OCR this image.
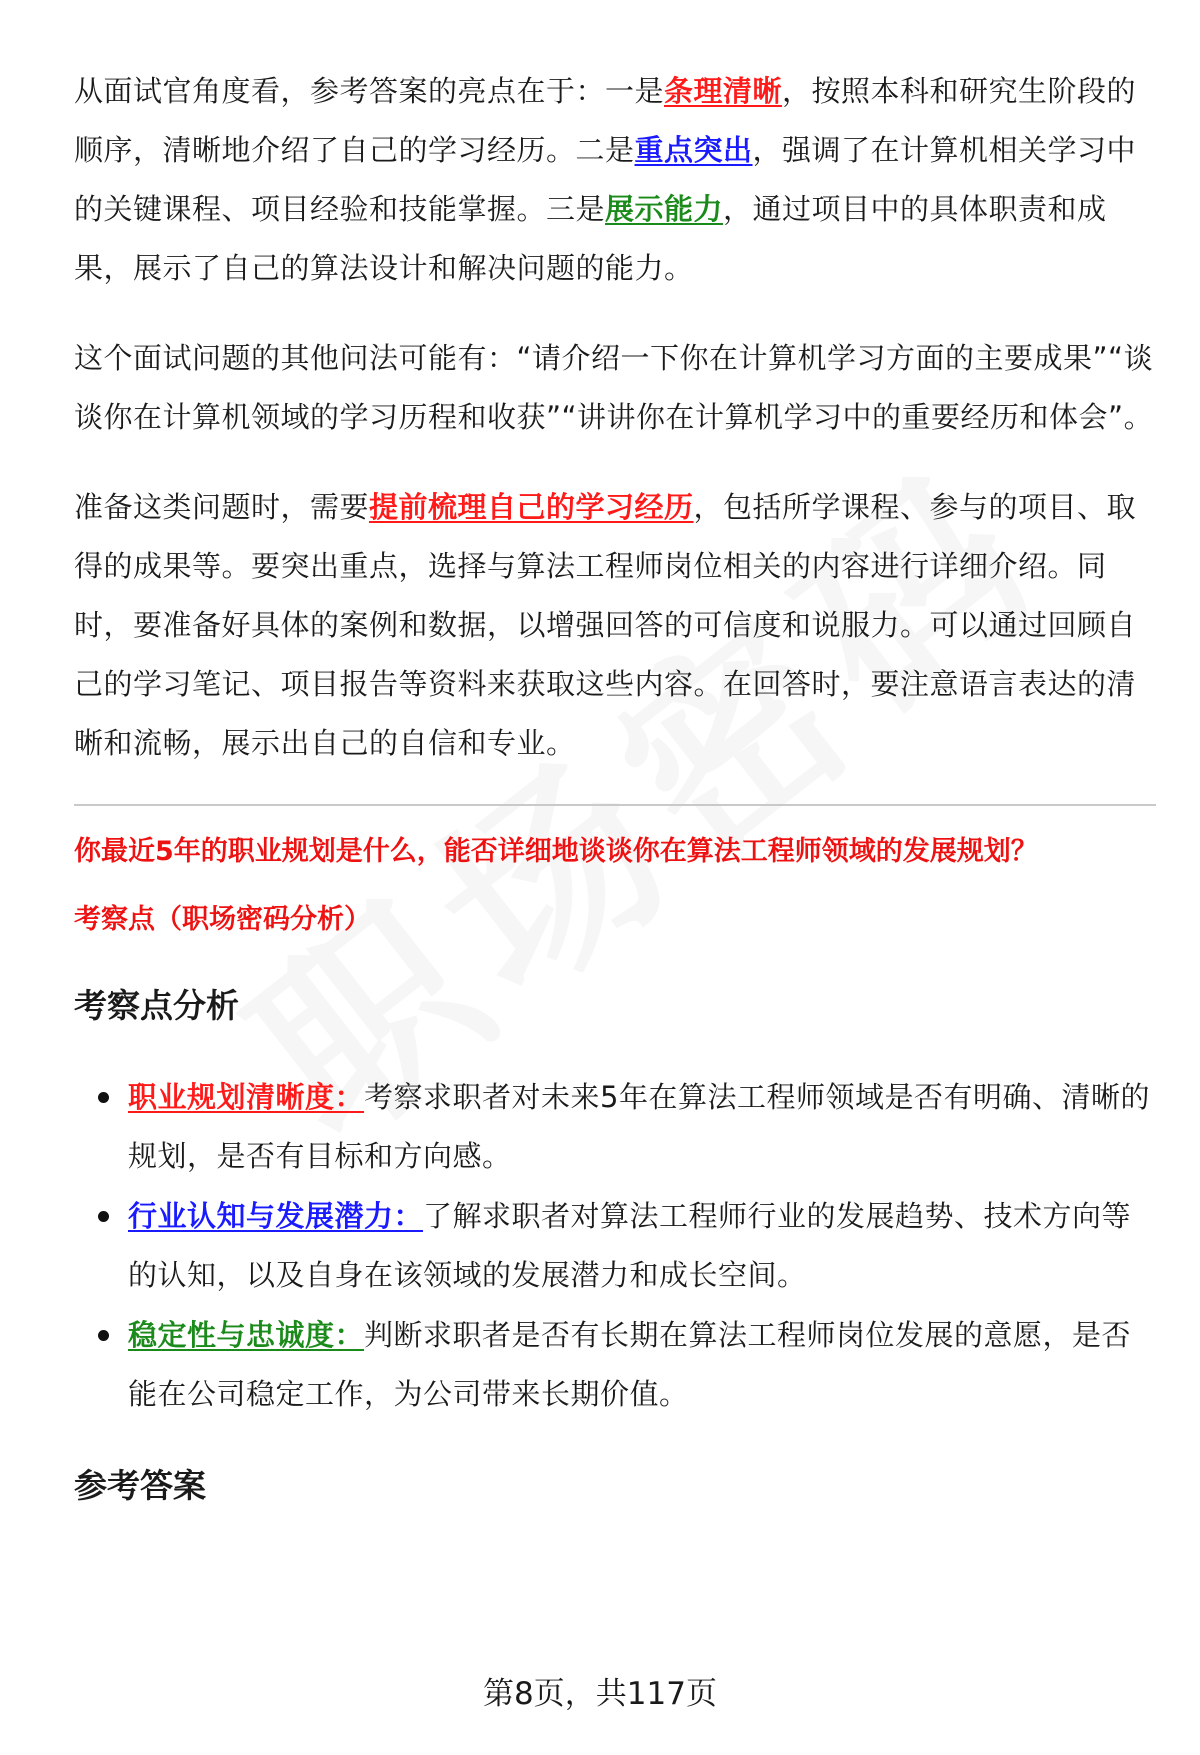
从面试官角度看，参考答案的亮点在于：一是条理清晰，按照本科和研究生阶段的顺序，清晰地介绍了自己的学习经历。二是重点突出，强调了在计算机相关学习中的关键课程、项目经验和技能掌握。三是展示能力，通过项目中的具体职责和成果，展示了自己的算法设计和解决问题的能力。

这个面试问题的其他问法可能有：“请介绍一下你在计算机学习方面的主要成果”“谈谈你在计算机领域的学习历程和收获”“讲讲你在计算机学习中的重要经历和体会”。

准备这类问题时，需要提前梳理自己的学习经历，包括所学课程、参与的项目、取得的成果等。要突出重点，选择与算法工程师岗位相关的内容进行详细介绍。同时，要准备好具体的案例和数据，以增强回答的可信度和说服力。可以通过回顾自己的学习笔记、项目报告等资料来获取这些内容。在回答时，要注意语言表达的清晰和流畅，展示出自己的自信和专业。

你最近5年的职业规划是什么，能否详细地谈谈你在算法工程师领域的发展规划？
考察点（职场密码分析）
考察点分析
职业规划清晰度：考察求职者对未来5年在算法工程师领域是否有明确、清晰的规划，是否有目标和方向感。
行业认知与发展潜力：了解求职者对算法工程师行业的发展趋势、技术方向等的认知，以及自身在该领域的发展潜力和成长空间。
稳定性与忠诚度：判断求职者是否有长期在算法工程师岗位发展的意愿，是否能在公司稳定工作，为公司带来长期价值。
参考答案
第8页，共117页
